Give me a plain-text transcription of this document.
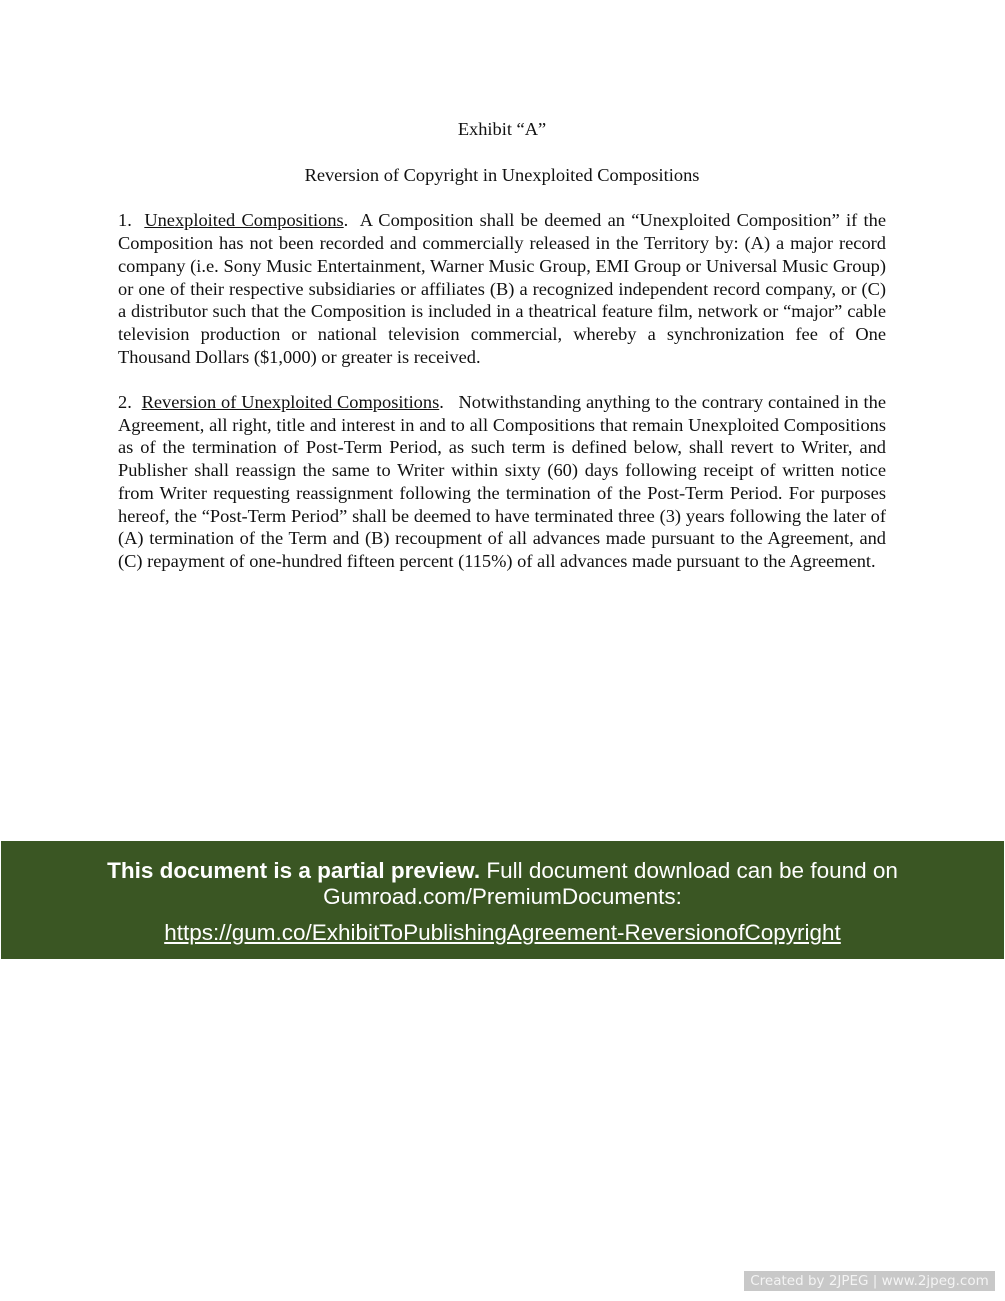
Exhibit “A”

Reversion of Copyright in Unexploited Compositions

1. Unexploited Compositions.  A Composition shall be deemed an “Unexploited Composition” if the Composition has not been recorded and commercially released in the Territory by: (A) a major record company (i.e. Sony Music Entertainment, Warner Music Group, EMI Group or Universal Music Group) or one of their respective subsidiaries or affiliates (B) a recognized independent record company, or (C) a distributor such that the Composition is included in a theatrical feature film, network or “major” cable television production or national television commercial, whereby a synchronization fee of One Thousand Dollars ($1,000) or greater is received.

2. Reversion of Unexploited Compositions.   Notwithstanding anything to the contrary contained in the Agreement, all right, title and interest in and to all Compositions that remain Unexploited Compositions as of the termination of Post-Term Period, as such term is defined below, shall revert to Writer, and Publisher shall reassign the same to Writer within sixty (60) days following receipt of written notice from Writer requesting reassignment following the termination of the Post-Term Period. For purposes hereof, the “Post-Term Period” shall be deemed to have terminated three (3) years following the later of (A) termination of the Term and (B) recoupment of all advances made pursuant to the Agreement, and (C) repayment of one-hundred fifteen percent (115%) of all advances made pursuant to the Agreement.

This document is a partial preview. Full document download can be found on Gumroad.com/PremiumDocuments:
https://gum.co/ExhibitToPublishingAgreement-ReversionofCopyright
Created by 2JPEG | www.2jpeg.com
